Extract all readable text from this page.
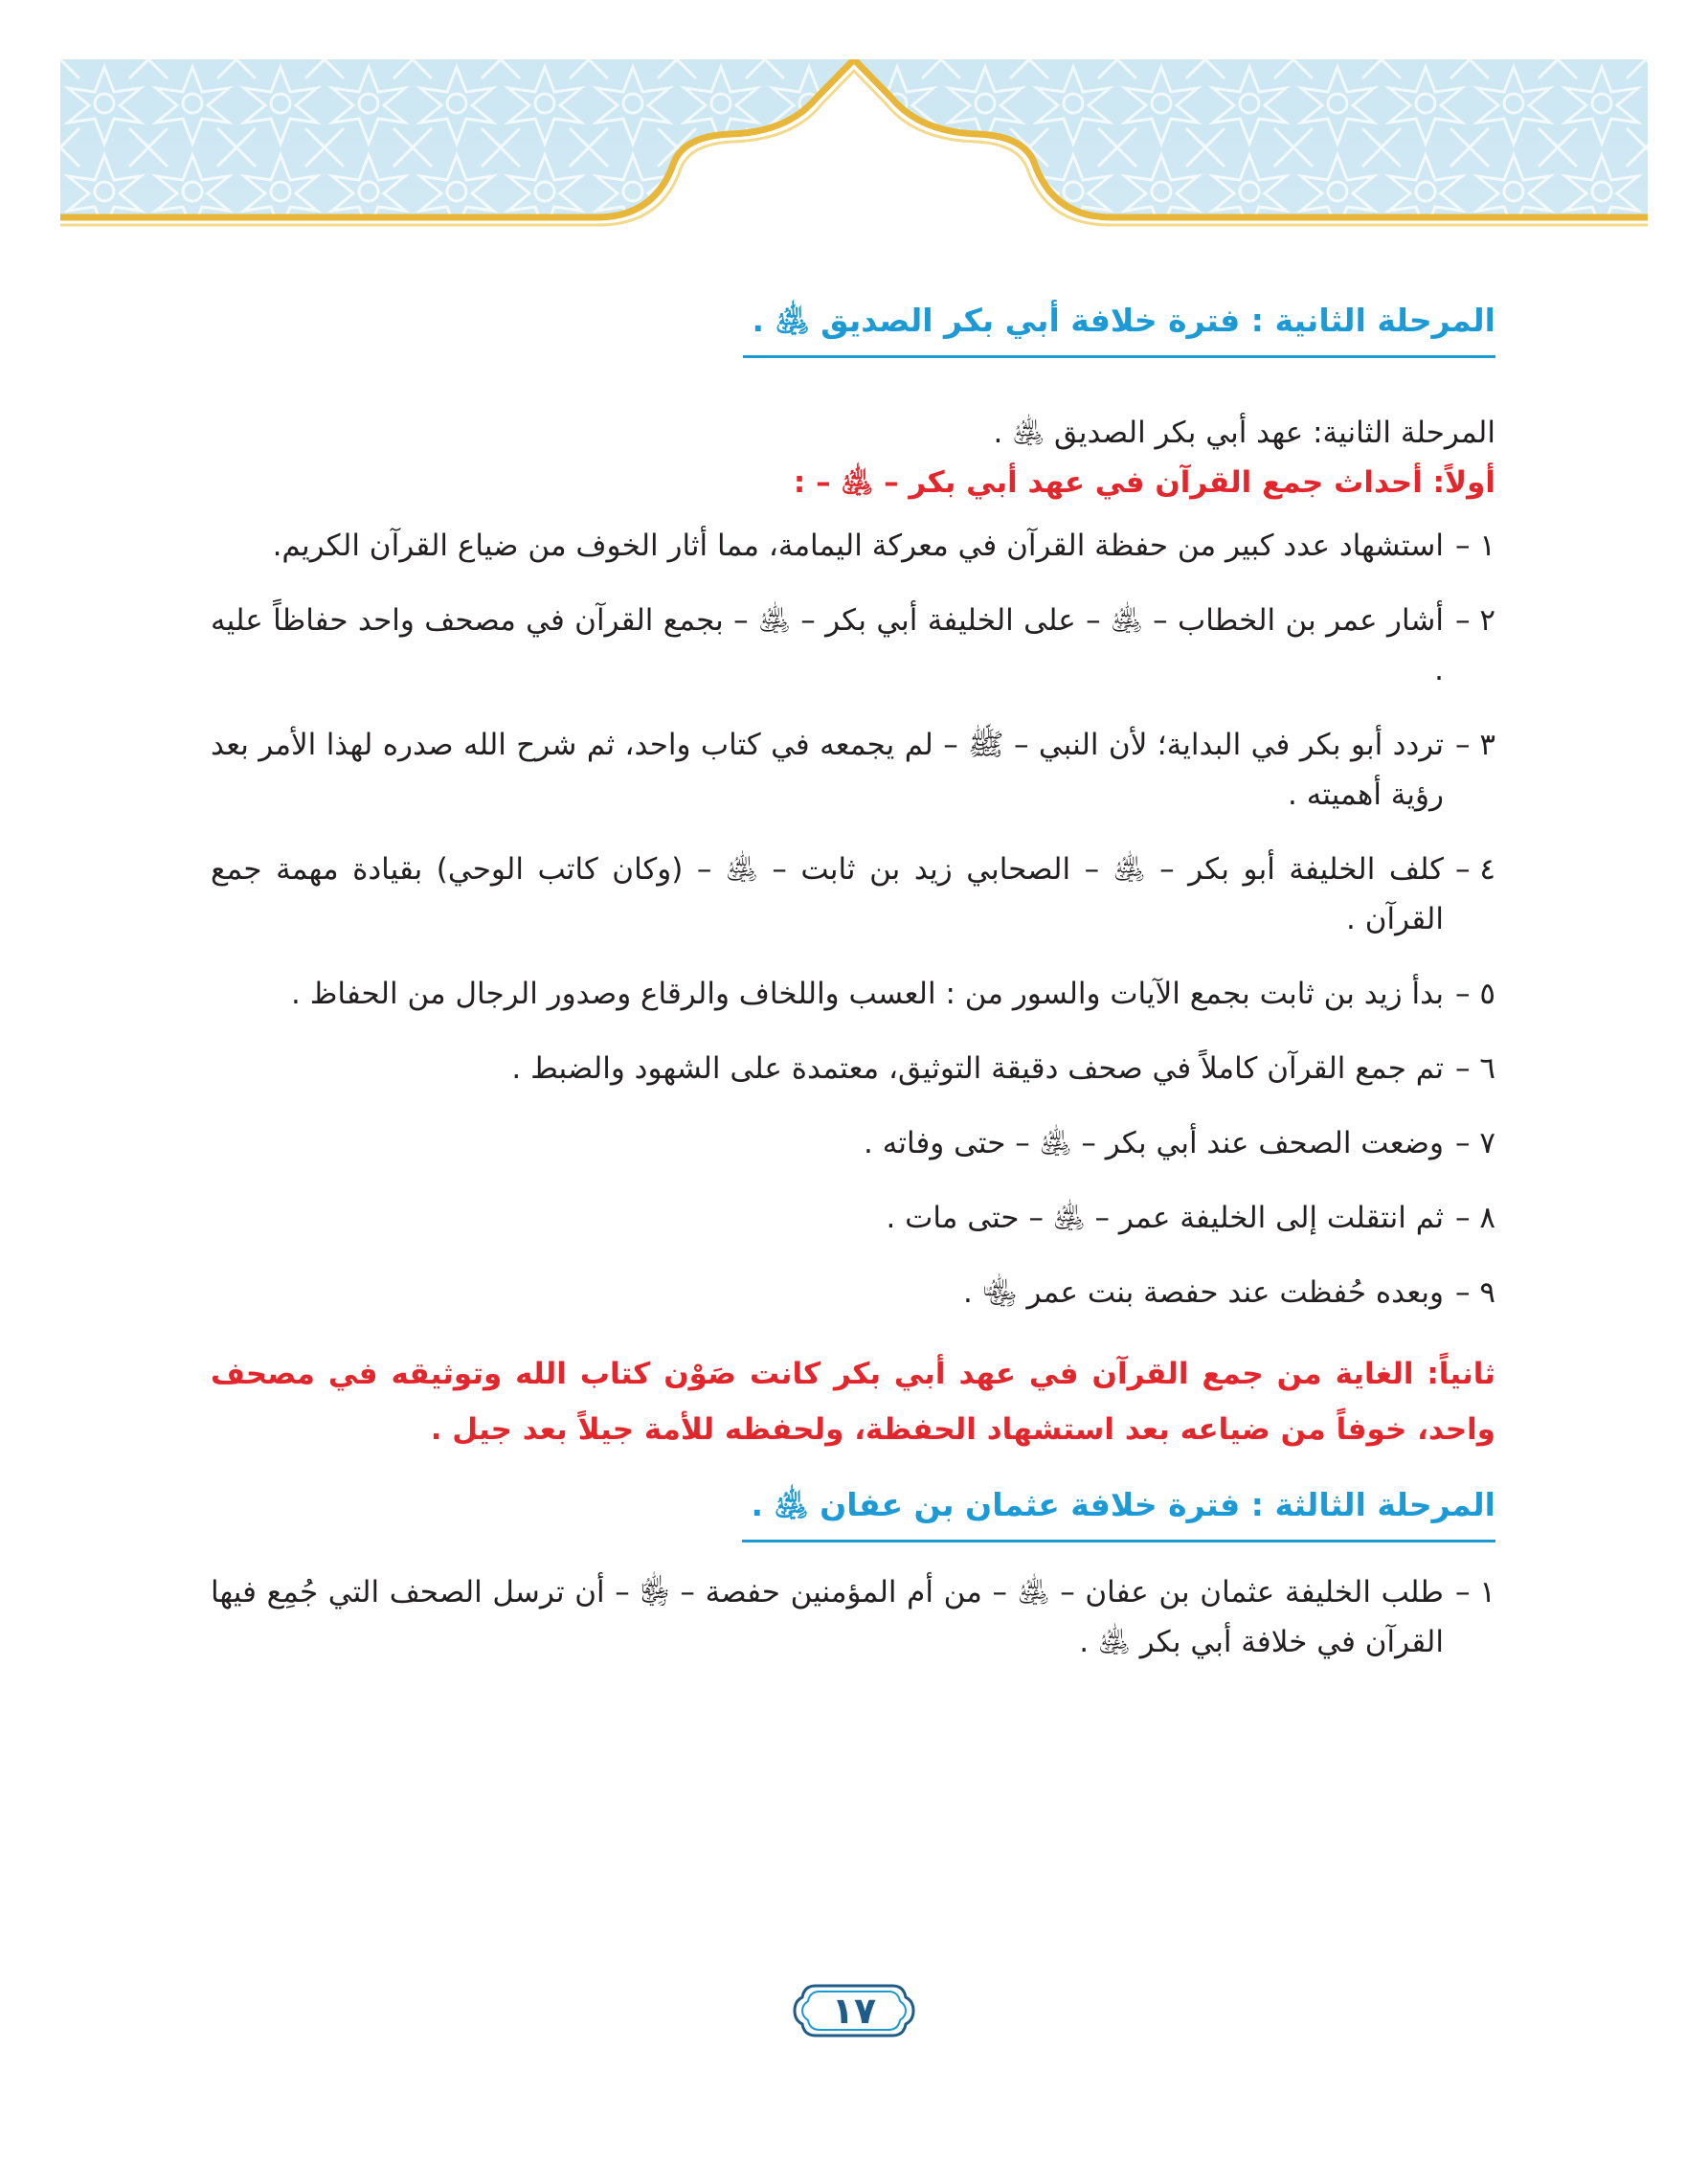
المرحلة الثانية : فترة خلافة أبي بكر الصديق ﵁ .
المرحلة الثانية: عهد أبي بكر الصديق ﵁ .
أولاً: أحداث جمع القرآن في عهد أبي بكر – ﵁ – :
١ –
استشهاد عدد كبير من حفظة القرآن في معركة اليمامة، مما أثار الخوف من ضياع القرآن الكريم.
٢ –
أشار عمر بن الخطاب – ﵁ – على الخليفة أبي بكر – ﵁ – بجمع القرآن في مصحف واحد حفاظاً عليه .
٣ –
تردد أبو بكر في البداية؛ لأن النبي – ﷺ – لم يجمعه في كتاب واحد، ثم شرح الله صدره لهذا الأمر بعد رؤية أهميته .
٤ –
كلف الخليفة أبو بكر – ﵁ – الصحابي زيد بن ثابت – ﵁ – (وكان كاتب الوحي) بقيادة مهمة جمع القرآن .
٥ –
بدأ زيد بن ثابت بجمع الآيات والسور من : العسب واللخاف والرقاع وصدور الرجال من الحفاظ .
٦ –
تم جمع القرآن كاملاً في صحف دقيقة التوثيق، معتمدة على الشهود والضبط .
٧ –
وضعت الصحف عند أبي بكر – ﵁ – حتى وفاته .
٨ –
ثم انتقلت إلى الخليفة عمر – ﵁ – حتى مات .
٩ –
وبعده حُفظت عند حفصة بنت عمر ﵄ .
ثانياً: الغاية من جمع القرآن في عهد أبي بكر كانت صَوْن كتاب الله وتوثيقه في مصحف واحد، خوفاً من ضياعه بعد استشهاد الحفظة، ولحفظه للأمة جيلاً بعد جيل .
المرحلة الثالثة : فترة خلافة عثمان بن عفان ﵁ .
١ –
طلب الخليفة عثمان بن عفان – ﵁ – من أم المؤمنين حفصة – ﵂ – أن ترسل الصحف التي جُمِع فيها القرآن في خلافة أبي بكر ﵁ .
١٧
